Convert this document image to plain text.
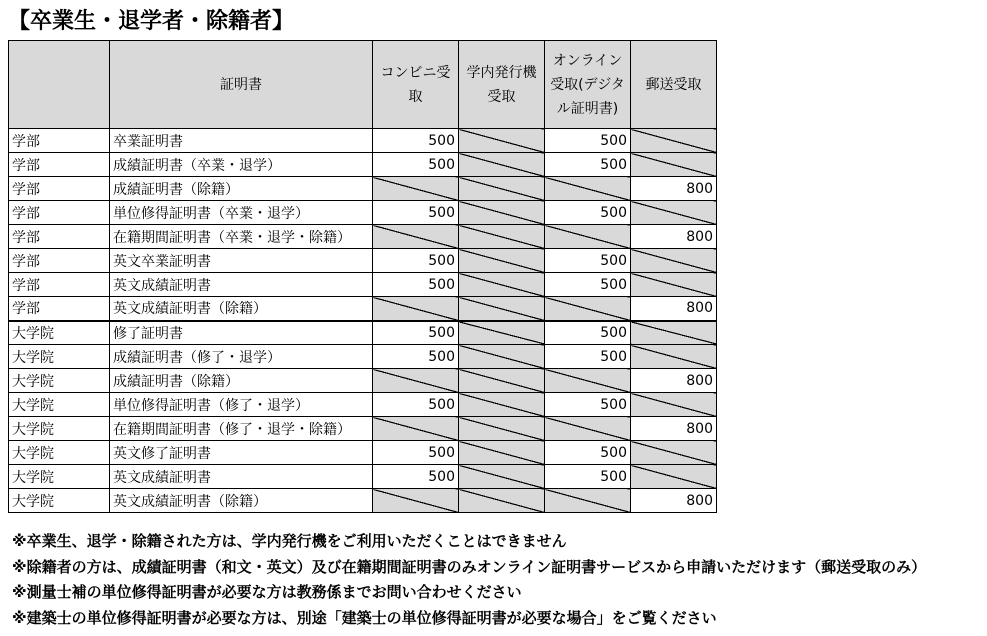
【卒業生・退学者・除籍者】
	証明書	コンビニ受取	学内発行機受取	オンライン受取(デジタル証明書)	郵送受取
学部	卒業証明書	500		500	
学部	成績証明書（卒業・退学）	500		500	
学部	成績証明書（除籍）				800
学部	単位修得証明書（卒業・退学）	500		500	
学部	在籍期間証明書（卒業・退学・除籍）				800
学部	英文卒業証明書	500		500	
学部	英文成績証明書	500		500	
学部	英文成績証明書（除籍）				800
大学院	修了証明書	500		500	
大学院	成績証明書（修了・退学）	500		500	
大学院	成績証明書（除籍）				800
大学院	単位修得証明書（修了・退学）	500		500	
大学院	在籍期間証明書（修了・退学・除籍）				800
大学院	英文修了証明書	500		500	
大学院	英文成績証明書	500		500	
大学院	英文成績証明書（除籍）				800
※卒業生、退学・除籍された方は、学内発行機をご利用いただくことはできません
※除籍者の方は、成績証明書（和文・英文）及び在籍期間証明書のみオンライン証明書サービスから申請いただけます（郵送受取のみ）
※測量士補の単位修得証明書が必要な方は教務係までお問い合わせください
※建築士の単位修得証明書が必要な方は、別途「建築士の単位修得証明書が必要な場合」をご覧ください
